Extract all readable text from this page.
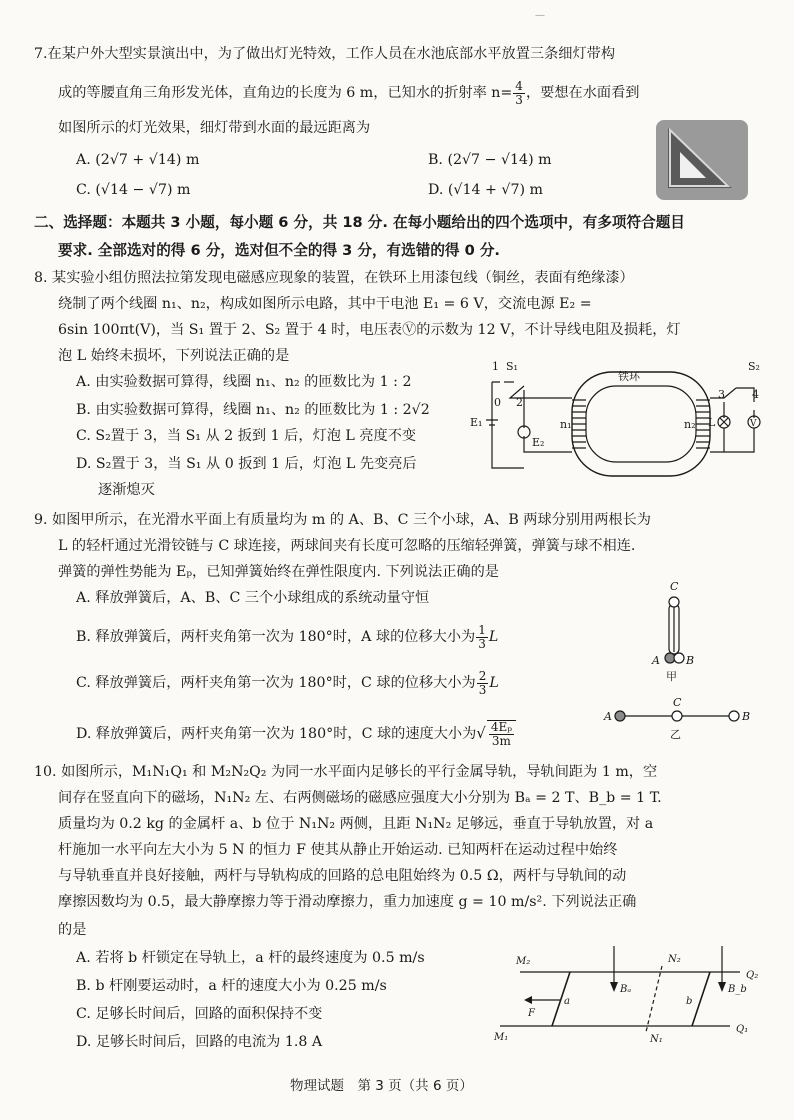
—
7.在某户外大型实景演出中，为了做出灯光特效，工作人员在水池底部水平放置三条细灯带构
成的等腰直角三角形发光体，直角边的长度为 6 m，已知水的折射率 $n= \frac{4}{3}$ ，要想在水面看到
如图所示的灯光效果，细灯带到水面的最远距离为
A. (2√7 + √14) m	B. (2√7 − √14) m
C. (√14 − √7) m	D. (√14 + √7) m
二、选择题：本题共 3 小题，每小题 6 分，共 18 分. 在每小题给出的四个选项中，有多项符合题目
要求. 全部选对的得 6 分，选对但不全的得 3 分，有选错的得 0 分.
8. 某实验小组仿照法拉第发现电磁感应现象的装置，在铁环上用漆包线（铜丝，表面有绝缘漆）
绕制了两个线圈 n₁、n₂，构成如图所示电路，其中干电池 E₁ = 6 V，交流电源 E₂ =
6sin 100πt(V)，当 S₁ 置于 2、S₂ 置于 4 时，电压表Ⓥ的示数为 12 V，不计导线电阻及损耗，灯
泡 L 始终未损坏，下列说法正确的是
A. 由实验数据可算得，线圈 n₁、n₂ 的匝数比为 1 : 2
B. 由实验数据可算得，线圈 n₁、n₂ 的匝数比为 1 : 2√2
C. S₂置于 3，当 S₁ 从 2 扳到 1 后，灯泡 L 亮度不变
D. S₂置于 3，当 S₁ 从 0 扳到 1 后，灯泡 L 先变亮后
逐渐熄灭
1 S₁
0 2
E₁
E₂
铁环
n₁	n₂
S₂
3 4
L	V
9. 如图甲所示，在光滑水平面上有质量均为 m 的 A、B、C 三个小球，A、B 两球分别用两根长为
L 的轻杆通过光滑铰链与 C 球连接，两球间夹有长度可忽略的压缩轻弹簧，弹簧与球不相连.
弹簧的弹性势能为 Eₚ，已知弹簧始终在弹性限度内. 下列说法正确的是
A. 释放弹簧后，A、B、C 三个小球组成的系统动量守恒
B. 释放弹簧后，两杆夹角第一次为 180°时，A 球的位移大小为 $\frac{1}{3}$ L
C. 释放弹簧后，两杆夹角第一次为 180°时，C 球的位移大小为 $\frac{2}{3}$ L
D. 释放弹簧后，两杆夹角第一次为 180°时，C 球的速度大小为√ $\frac{\text{4Eₚ}}{3m}$
C
A B
A
C
B
甲
乙
10. 如图所示，M₁N₁Q₁ 和 M₂N₂Q₂ 为同一水平面内足够长的平行金属导轨，导轨间距为 1 m，空
间存在竖直向下的磁场，N₁N₂ 左、右两侧磁场的磁感应强度大小分别为 Bₐ = 2 T、B_b = 1 T.
质量均为 0.2 kg 的金属杆 a、b 位于 N₁N₂ 两侧，且距 N₁N₂ 足够远，垂直于导轨放置，对 a
杆施加一水平向左大小为 5 N 的恒力 F 使其从静止开始运动. 已知两杆在运动过程中始终
与导轨垂直并良好接触，两杆与导轨构成的回路的总电阻始终为 0.5 Ω，两杆与导轨间的动
摩擦因数均为 0.5，最大静摩擦力等于滑动摩擦力，重力加速度 g = 10 m/s². 下列说法正确
的是
A. 若将 b 杆锁定在导轨上，a 杆的最终速度为 0.5 m/s
B. b 杆刚要运动时，a 杆的速度大小为 0.25 m/s
C. 足够长时间后，回路的面积保持不变
D. 足够长时间后，回路的电流为 1.8 A
M₂
M₁
N₂
N₁
Q₂
Q₁
Bₐ	B_b
F
a	b
物理试题　第 3 页（共 6 页）
